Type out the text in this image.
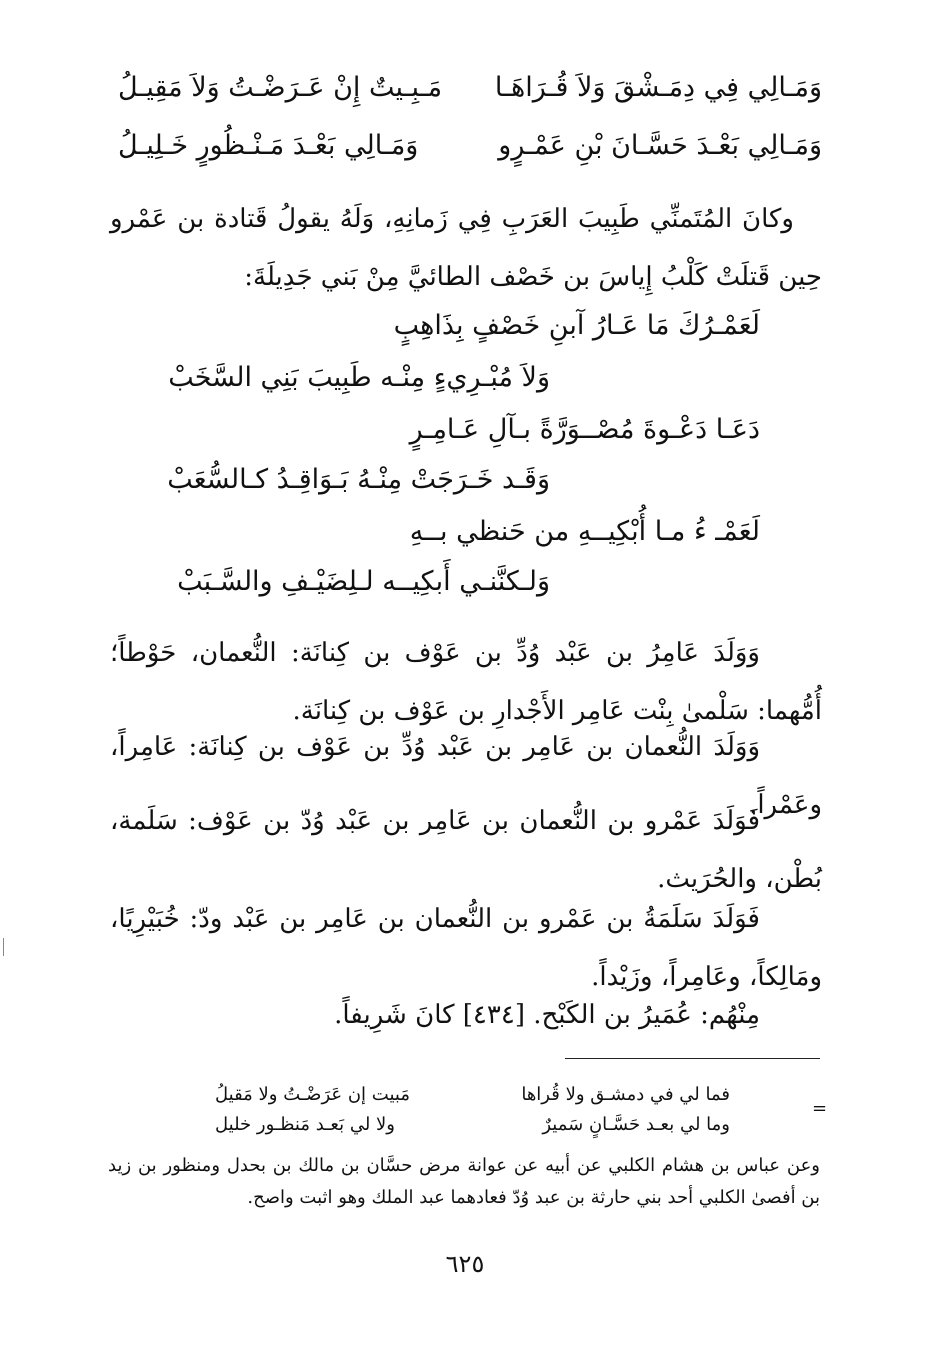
وَمَـالِي فِي دِمَـشْقَ وَلاَ قُـرَاهَـا
مَـبِـيتٌ إِنْ عَـرَضْـتُ وَلاَ مَقِيـلُ
وَمَـالِي بَعْـدَ حَسَّـانَ بْنِ عَمْـرٍو
وَمَـالِي بَعْـدَ مَـنْـظُورٍ خَـلِيـلُ
وكانَ المُتَمنِّي طَبِيبَ العَرَبِ فِي زَمانِهِ، وَلَهُ يقولُ قَتادة بن عَمْرو حِين قَتلَتْ كَلْبُ إِياسَ بن خَصْف الطائيَّ مِنْ بَني جَدِيلَةَ:
لَعَمْـرُكَ مَا عَـارُ آبنِ خَصْفٍ بِذَاهِبٍ
وَلاَ مُبْـرِيءٍ مِنْـه طَبِيبَ بَنِي السَّخَبْ
دَعَـا دَعْـوةَ مُصْــوَرَّةً بـآلِ عَـامِـرٍ
وَقَـد خَـرَجَتْ مِنْـهُ بَـوَاقِـدُ كـالسُّعَبْ
لَعَمْـ ءُ مـا أُبْكِيــهِ من حَنظي بــهِ
وَلـكنَّنـي أَبكِيــه لـلِضَيْـفِ والسَّـبَبْ
وَوَلَدَ عَامِرُ بن عَبْد وُدِّ بن عَوْف بن كِنانَة: النُّعمان، حَوْطاً؛ أُمُّهما: سَلْمىٰ بِنْت عَامِر الأَجْدارِ بن عَوْف بن كِنانَة.
وَوَلَدَ النُّعمان بن عَامِر بن عَبْد وُدِّ بن عَوْف بن كِنانَة: عَامِراً، وعَمْراً.
فَوَلَدَ عَمْرو بن النُّعمان بن عَامِر بن عَبْد وُدّ بن عَوْف: سَلَمة، بُطْن، والحُرَيث.
فَوَلَدَ سَلَمَةُ بن عَمْرو بن النُّعمان بن عَامِر بن عَبْد ودّ: خُبَيْرِيًا، ومَالِكاً، وعَامِراً، وزَيْداً.
مِنْهُم: عُمَيرُ بن الكَبْح. [٤٣٤] كانَ شَرِيفاً.
=
فما لي في دمشـق ولا قُراها
مَبيت إن عَرَضْـتُ ولا مَقيلُ
وما لي بعـد حَسَّـانٍ سَميرٌ
ولا لي بَعـد مَنظـور خليل
وعن عباس بن هشام الكلبي عن أبيه عن عوانة مرض حسَّان بن مالك بن بحدل ومنظور بن زيد بن أفصىٰ الكلبي أحد بني حارثة بن عبد وُدّ فعادهما عبد الملك وهو اثبت واصح.
٦٢٥
